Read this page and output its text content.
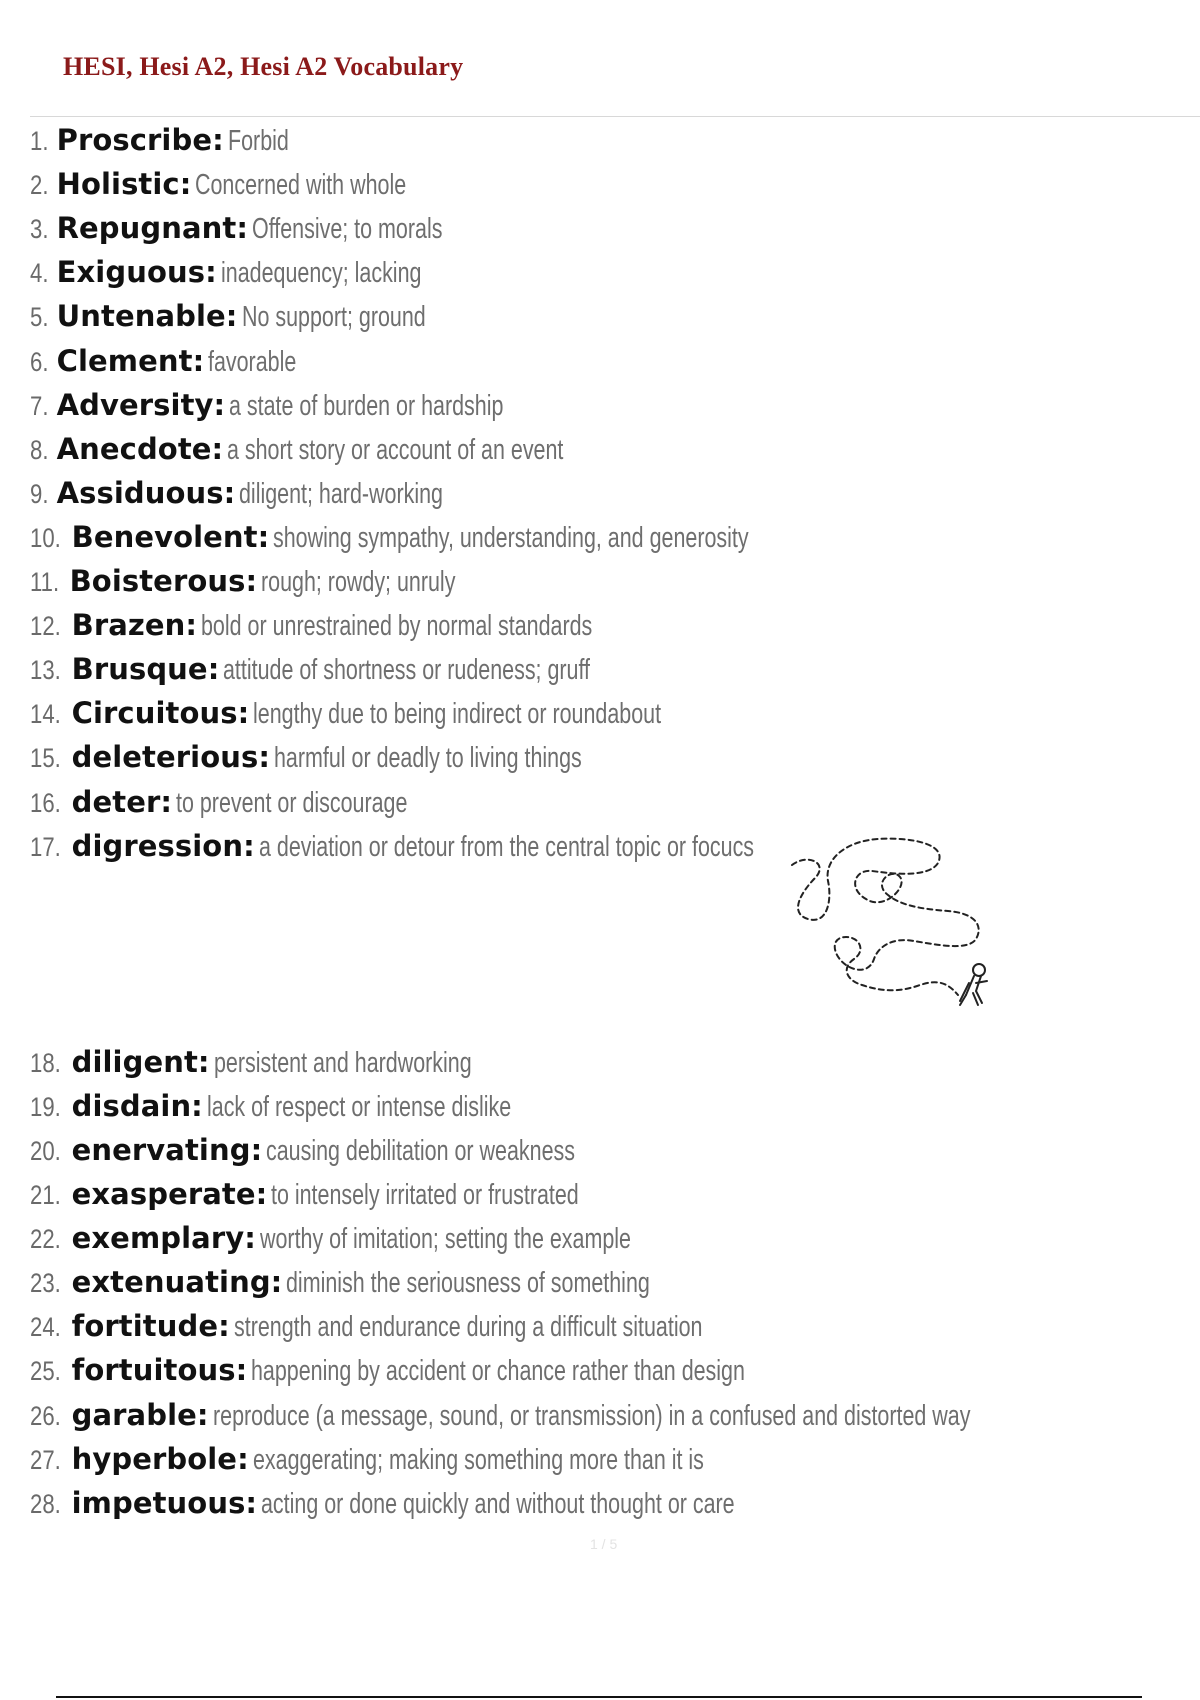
HESI, Hesi A2, Hesi A2 Vocabulary
1. Proscribe: Forbid
2. Holistic: Concerned with whole
3. Repugnant: Offensive; to morals
4. Exiguous: inadequency; lacking
5. Untenable: No support; ground
6. Clement: favorable
7. Adversity: a state of burden or hardship
8. Anecdote: a short story or account of an event
9. Assiduous: diligent; hard-working
10. Benevolent: showing sympathy, understanding, and generosity
11. Boisterous: rough; rowdy; unruly
12. Brazen: bold or unrestrained by normal standards
13. Brusque: attitude of shortness or rudeness; gruff
14. Circuitous: lengthy due to being indirect or roundabout
15. deleterious: harmful or deadly to living things
16. deter: to prevent or discourage
17. digression: a deviation or detour from the central topic or focucs
18. diligent: persistent and hardworking
19. disdain: lack of respect or intense dislike
20. enervating: causing debilitation or weakness
21. exasperate: to intensely irritated or frustrated
22. exemplary: worthy of imitation; setting the example
23. extenuating: diminish the seriousness of something
24. fortitude: strength and endurance during a difficult situation
25. fortuitous: happening by accident or chance rather than design
26. garable: reproduce (a message, sound, or transmission) in a confused and distorted way
27. hyperbole: exaggerating; making something more than it is
28. impetuous: acting or done quickly and without thought or care
1 / 5
